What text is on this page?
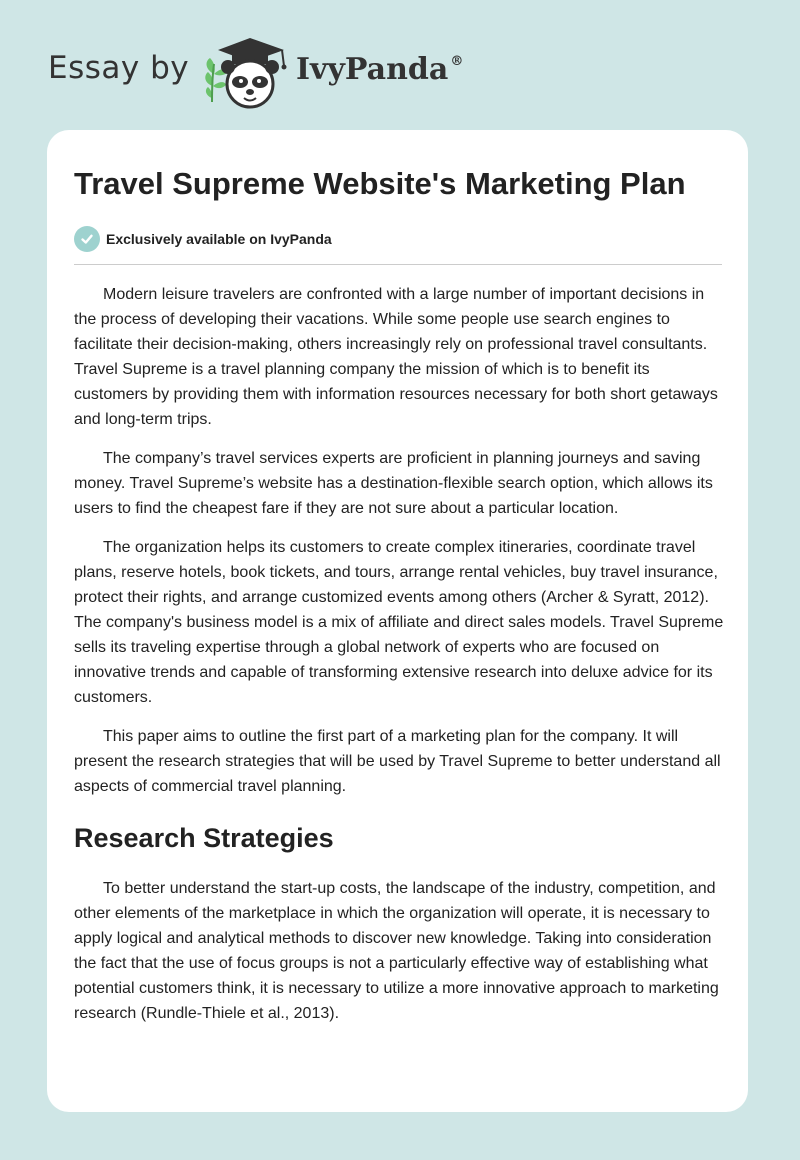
Essay by	IvyPanda ®
Travel Supreme Website's Marketing Plan
Exclusively available on IvyPanda

Modern leisure travelers are confronted with a large number of important decisions in the process of developing their vacations. While some people use search engines to facilitate their decision-making, others increasingly rely on professional travel consultants. Travel Supreme is a travel planning company the mission of which is to benefit its customers by providing them with information resources necessary for both short getaways and long-term trips.

The company’s travel services experts are proficient in planning journeys and saving money. Travel Supreme’s website has a destination-flexible search option, which allows its users to find the cheapest fare if they are not sure about a particular location.

The organization helps its customers to create complex itineraries, coordinate travel plans, reserve hotels, book tickets, and tours, arrange rental vehicles, buy travel insurance, protect their rights, and arrange customized events among others (Archer & Syratt, 2012). The company's business model is a mix of affiliate and direct sales models. Travel Supreme sells its traveling expertise through a global network of experts who are focused on innovative trends and capable of transforming extensive research into deluxe advice for its customers.

This paper aims to outline the first part of a marketing plan for the company. It will present the research strategies that will be used by Travel Supreme to better understand all aspects of commercial travel planning.

Research Strategies

To better understand the start-up costs, the landscape of the industry, competition, and other elements of the marketplace in which the organization will operate, it is necessary to apply logical and analytical methods to discover new knowledge. Taking into consideration the fact that the use of focus groups is not a particularly effective way of establishing what potential customers think, it is necessary to utilize a more innovative approach to marketing research (Rundle-Thiele et al., 2013).
